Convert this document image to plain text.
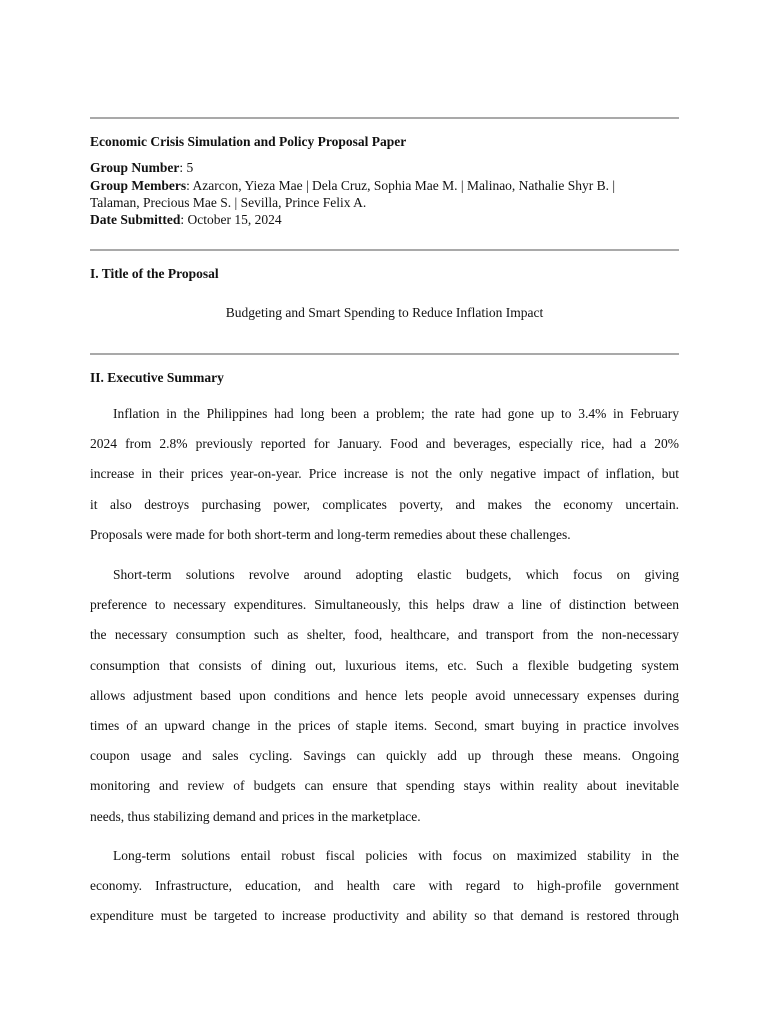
Economic Crisis Simulation and Policy Proposal Paper
Group Number: 5
Group Members: Azarcon, Yieza Mae | Dela Cruz, Sophia Mae M. | Malinao, Nathalie Shyr B. |
Talaman, Precious Mae S. | Sevilla, Prince Felix A.
Date Submitted: October 15, 2024
I. Title of the Proposal
Budgeting and Smart Spending to Reduce Inflation Impact
II. Executive Summary
Inflation in the Philippines had long been a problem; the rate had gone up to 3.4% in February
2024 from 2.8% previously reported for January. Food and beverages, especially rice, had a 20%
increase in their prices year-on-year. Price increase is not the only negative impact of inflation, but
it also destroys purchasing power, complicates poverty, and makes the economy uncertain.
Proposals were made for both short-term and long-term remedies about these challenges.
Short-term solutions revolve around adopting elastic budgets, which focus on giving
preference to necessary expenditures. Simultaneously, this helps draw a line of distinction between
the necessary consumption such as shelter, food, healthcare, and transport from the non-necessary
consumption that consists of dining out, luxurious items, etc. Such a flexible budgeting system
allows adjustment based upon conditions and hence lets people avoid unnecessary expenses during
times of an upward change in the prices of staple items. Second, smart buying in practice involves
coupon usage and sales cycling. Savings can quickly add up through these means. Ongoing
monitoring and review of budgets can ensure that spending stays within reality about inevitable
needs, thus stabilizing demand and prices in the marketplace.
Long-term solutions entail robust fiscal policies with focus on maximized stability in the
economy. Infrastructure, education, and health care with regard to high-profile government
expenditure must be targeted to increase productivity and ability so that demand is restored through
